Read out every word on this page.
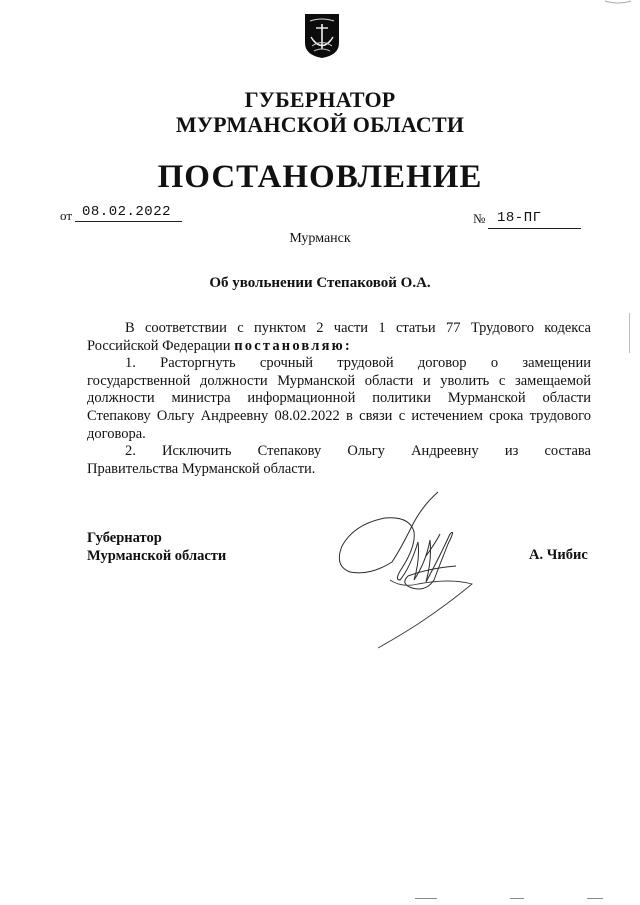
ГУБЕРНАТОР
МУРМАНСКОЙ ОБЛАСТИ
ПОСТАНОВЛЕНИЕ
от 08.02.2022	№ 18-ПГ
Мурманск
Об увольнении Степаковой О.А.
В соответствии с пунктом 2 части 1 статьи 77 Трудового кодекса
Российской Федерации постановляю:
1. Расторгнуть срочный трудовой договор о замещении
государственной должности Мурманской области и уволить с замещаемой должности министра информационной политики Мурманской области Степакову Ольгу Андреевну 08.02.2022 в связи с истечением срока трудового договора.
2. Исключить Степакову Ольгу Андреевну из состава
Правительства Мурманской области.
Губернатор
Мурманской области	А. Чибис
